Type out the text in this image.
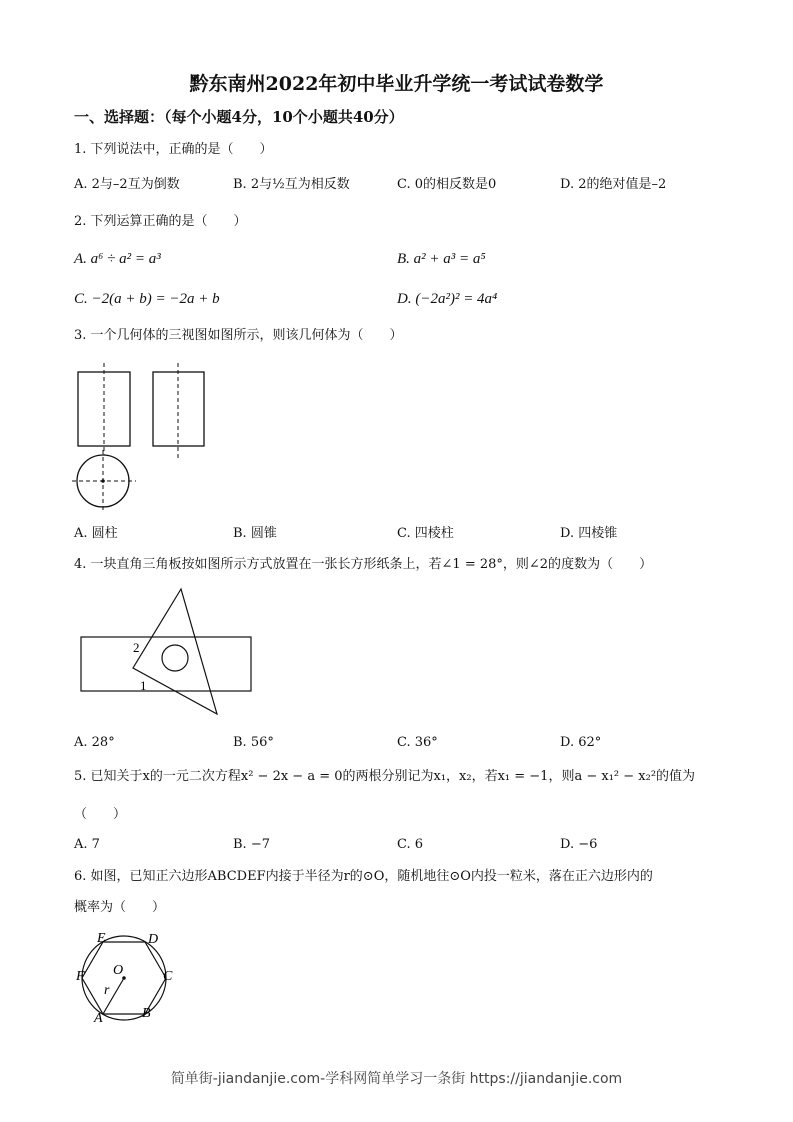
黔东南州2022年初中毕业升学统一考试试卷数学
一、选择题：（每个小题4分，10个小题共40分）
1. 下列说法中，正确的是（　　）
A. 2与–2互为倒数	B. 2与½互为相反数	C. 0的相反数是0	D. 2的绝对值是–2
2. 下列运算正确的是（　　）
A. a⁶ ÷ a² = a³	B. a² + a³ = a⁵
C. −2(a + b) = −2a + b	D. (−2a²)² = 4a⁴
3. 一个几何体的三视图如图所示，则该几何体为（　　）
A. 圆柱	B. 圆锥	C. 四棱柱	D. 四棱锥
4. 一块直角三角板按如图所示方式放置在一张长方形纸条上，若∠1 = 28°，则∠2的度数为（　　）
2
1
A. 28°	B. 56°	C. 36°	D. 62°
5. 已知关于x的一元二次方程x² − 2x − a = 0的两根分别记为x₁，x₂，若x₁ = −1，则a − x₁² − x₂²的值为
（　　）
A. 7	B. −7	C. 6	D. −6
6. 如图，已知正六边形ABCDEF内接于半径为r的⊙O，随机地往⊙O内投一粒米，落在正六边形内的
概率为（　　）
E	D
F	C
A	B
O
r
简单街-jiandanjie.com-学科网简单学习一条街 https://jiandanjie.com
